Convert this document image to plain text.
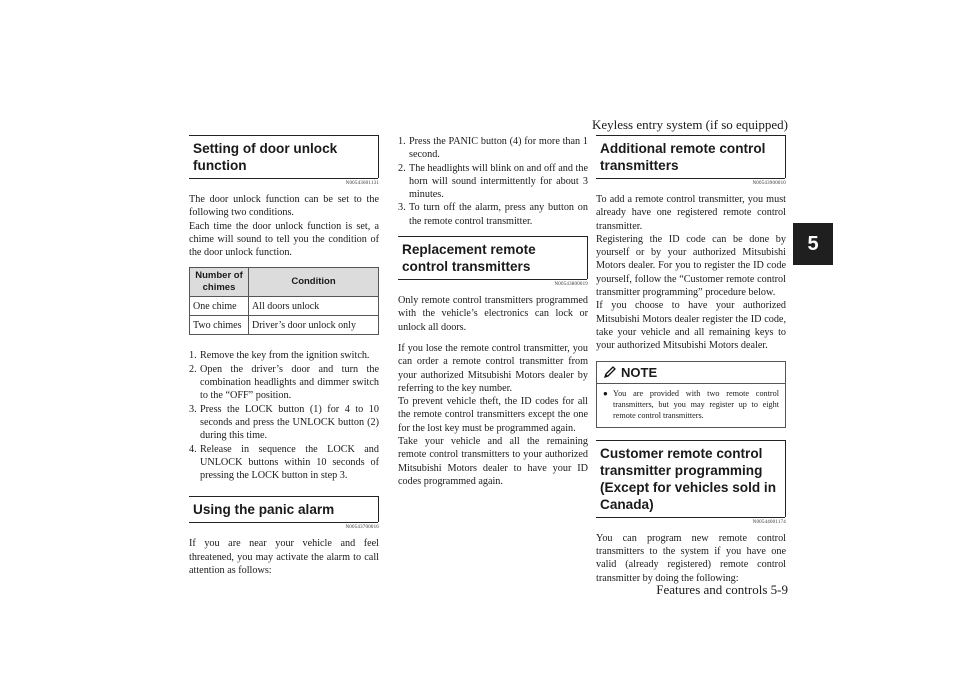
Keyless entry system (if so equipped)
5
Setting of door unlock function
N00543601131

The door unlock function can be set to the following two conditions.

Each time the door unlock function is set, a chime will sound to tell you the condition of the door unlock function.

Number of chimes	Condition
One chime	All doors unlock
Two chimes	Driver’s door unlock only
1. Remove the key from the ignition switch.
2. Open the driver’s door and turn the combination headlights and dimmer switch to the “OFF” position.
3. Press the LOCK button (1) for 4 to 10 seconds and press the UNLOCK button (2) during this time.
4. Release in sequence the LOCK and UNLOCK buttons within 10 seconds of pressing the LOCK button in step 3.
Using the panic alarm
N00543700016

If you are near your vehicle and feel threatened, you may activate the alarm to call attention as follows:

1. Press the PANIC button (4) for more than 1 second.
2. The headlights will blink on and off and the horn will sound intermittently for about 3 minutes.
3. To turn off the alarm, press any button on the remote control transmitter.
Replacement remote control transmitters
N00543800019

Only remote control transmitters programmed with the vehicle’s electronics can lock or unlock all doors.

If you lose the remote control transmitter, you can order a remote control transmitter from your authorized Mitsubishi Motors dealer by referring to the key number.

To prevent vehicle theft, the ID codes for all the remote control transmitters except the one for the lost key must be programmed again.

Take your vehicle and all the remaining remote control transmitters to your authorized Mitsubishi Motors dealer to have your ID codes programmed again.

Additional remote control transmitters
N00543900010

To add a remote control transmitter, you must already have one registered remote control transmitter.

Registering the ID code can be done by yourself or by your authorized Mitsubishi Motors dealer. For you to register the ID code yourself, follow the “Customer remote control transmitter programming” procedure below.

If you choose to have your authorized Mitsubishi Motors dealer register the ID code, take your vehicle and all remaining keys to your authorized Mitsubishi Motors dealer.

NOTE
● You are provided with two remote control transmitters, but you may register up to eight remote control transmitters.
Customer remote control transmitter programming (Except for vehicles sold in Canada)
N00544001174

You can program new remote control transmitters to the system if you have one valid (already registered) remote control transmitter by doing the following:

Features and controls 5-9
